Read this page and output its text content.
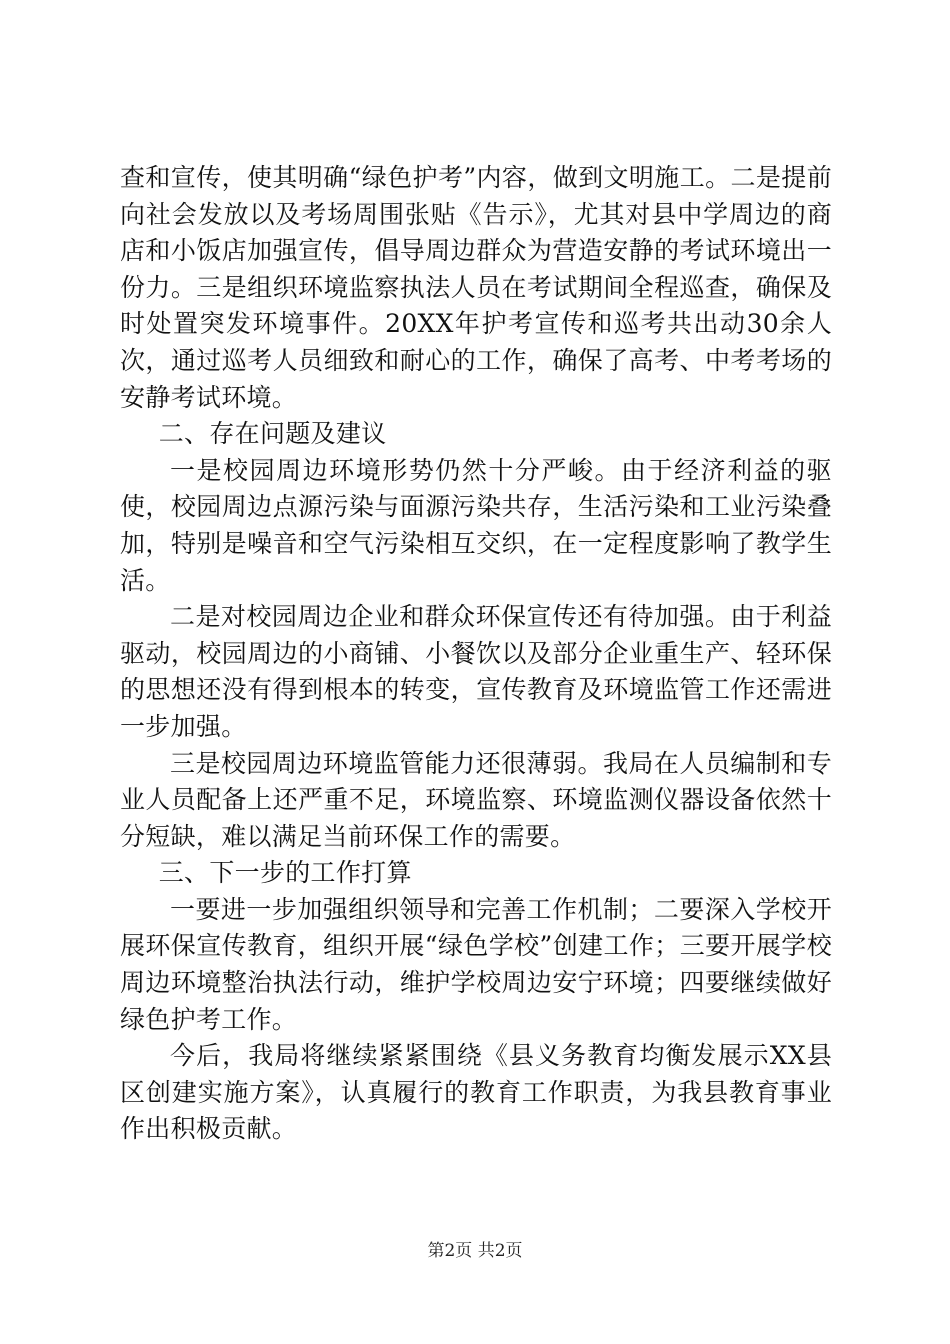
查和宣传，使其明确“绿色护考”内容，做到文明施工。二是提前向社会发放以及考场周围张贴《告示》，尤其对县中学周边的商店和小饭店加强宣传，倡导周边群众为营造安静的考试环境出一份力。三是组织环境监察执法人员在考试期间全程巡查，确保及时处置突发环境事件。20XX年护考宣传和巡考共出动30余人次，通过巡考人员细致和耐心的工作，确保了高考、中考考场的安静考试环境。

二、存在问题及建议

一是校园周边环境形势仍然十分严峻。由于经济利益的驱使，校园周边点源污染与面源污染共存，生活污染和工业污染叠加，特别是噪音和空气污染相互交织，在一定程度影响了教学生活。

二是对校园周边企业和群众环保宣传还有待加强。由于利益驱动，校园周边的小商铺、小餐饮以及部分企业重生产、轻环保的思想还没有得到根本的转变，宣传教育及环境监管工作还需进一步加强。

三是校园周边环境监管能力还很薄弱。我局在人员编制和专业人员配备上还严重不足，环境监察、环境监测仪器设备依然十分短缺，难以满足当前环保工作的需要。

三、下一步的工作打算

一要进一步加强组织领导和完善工作机制；二要深入学校开展环保宣传教育，组织开展“绿色学校”创建工作；三要开展学校周边环境整治执法行动，维护学校周边安宁环境；四要继续做好绿色护考工作。

今后，我局将继续紧紧围绕《县义务教育均衡发展示XX县区创建实施方案》，认真履行的教育工作职责，为我县教育事业作出积极贡献。

第2页 共2页
